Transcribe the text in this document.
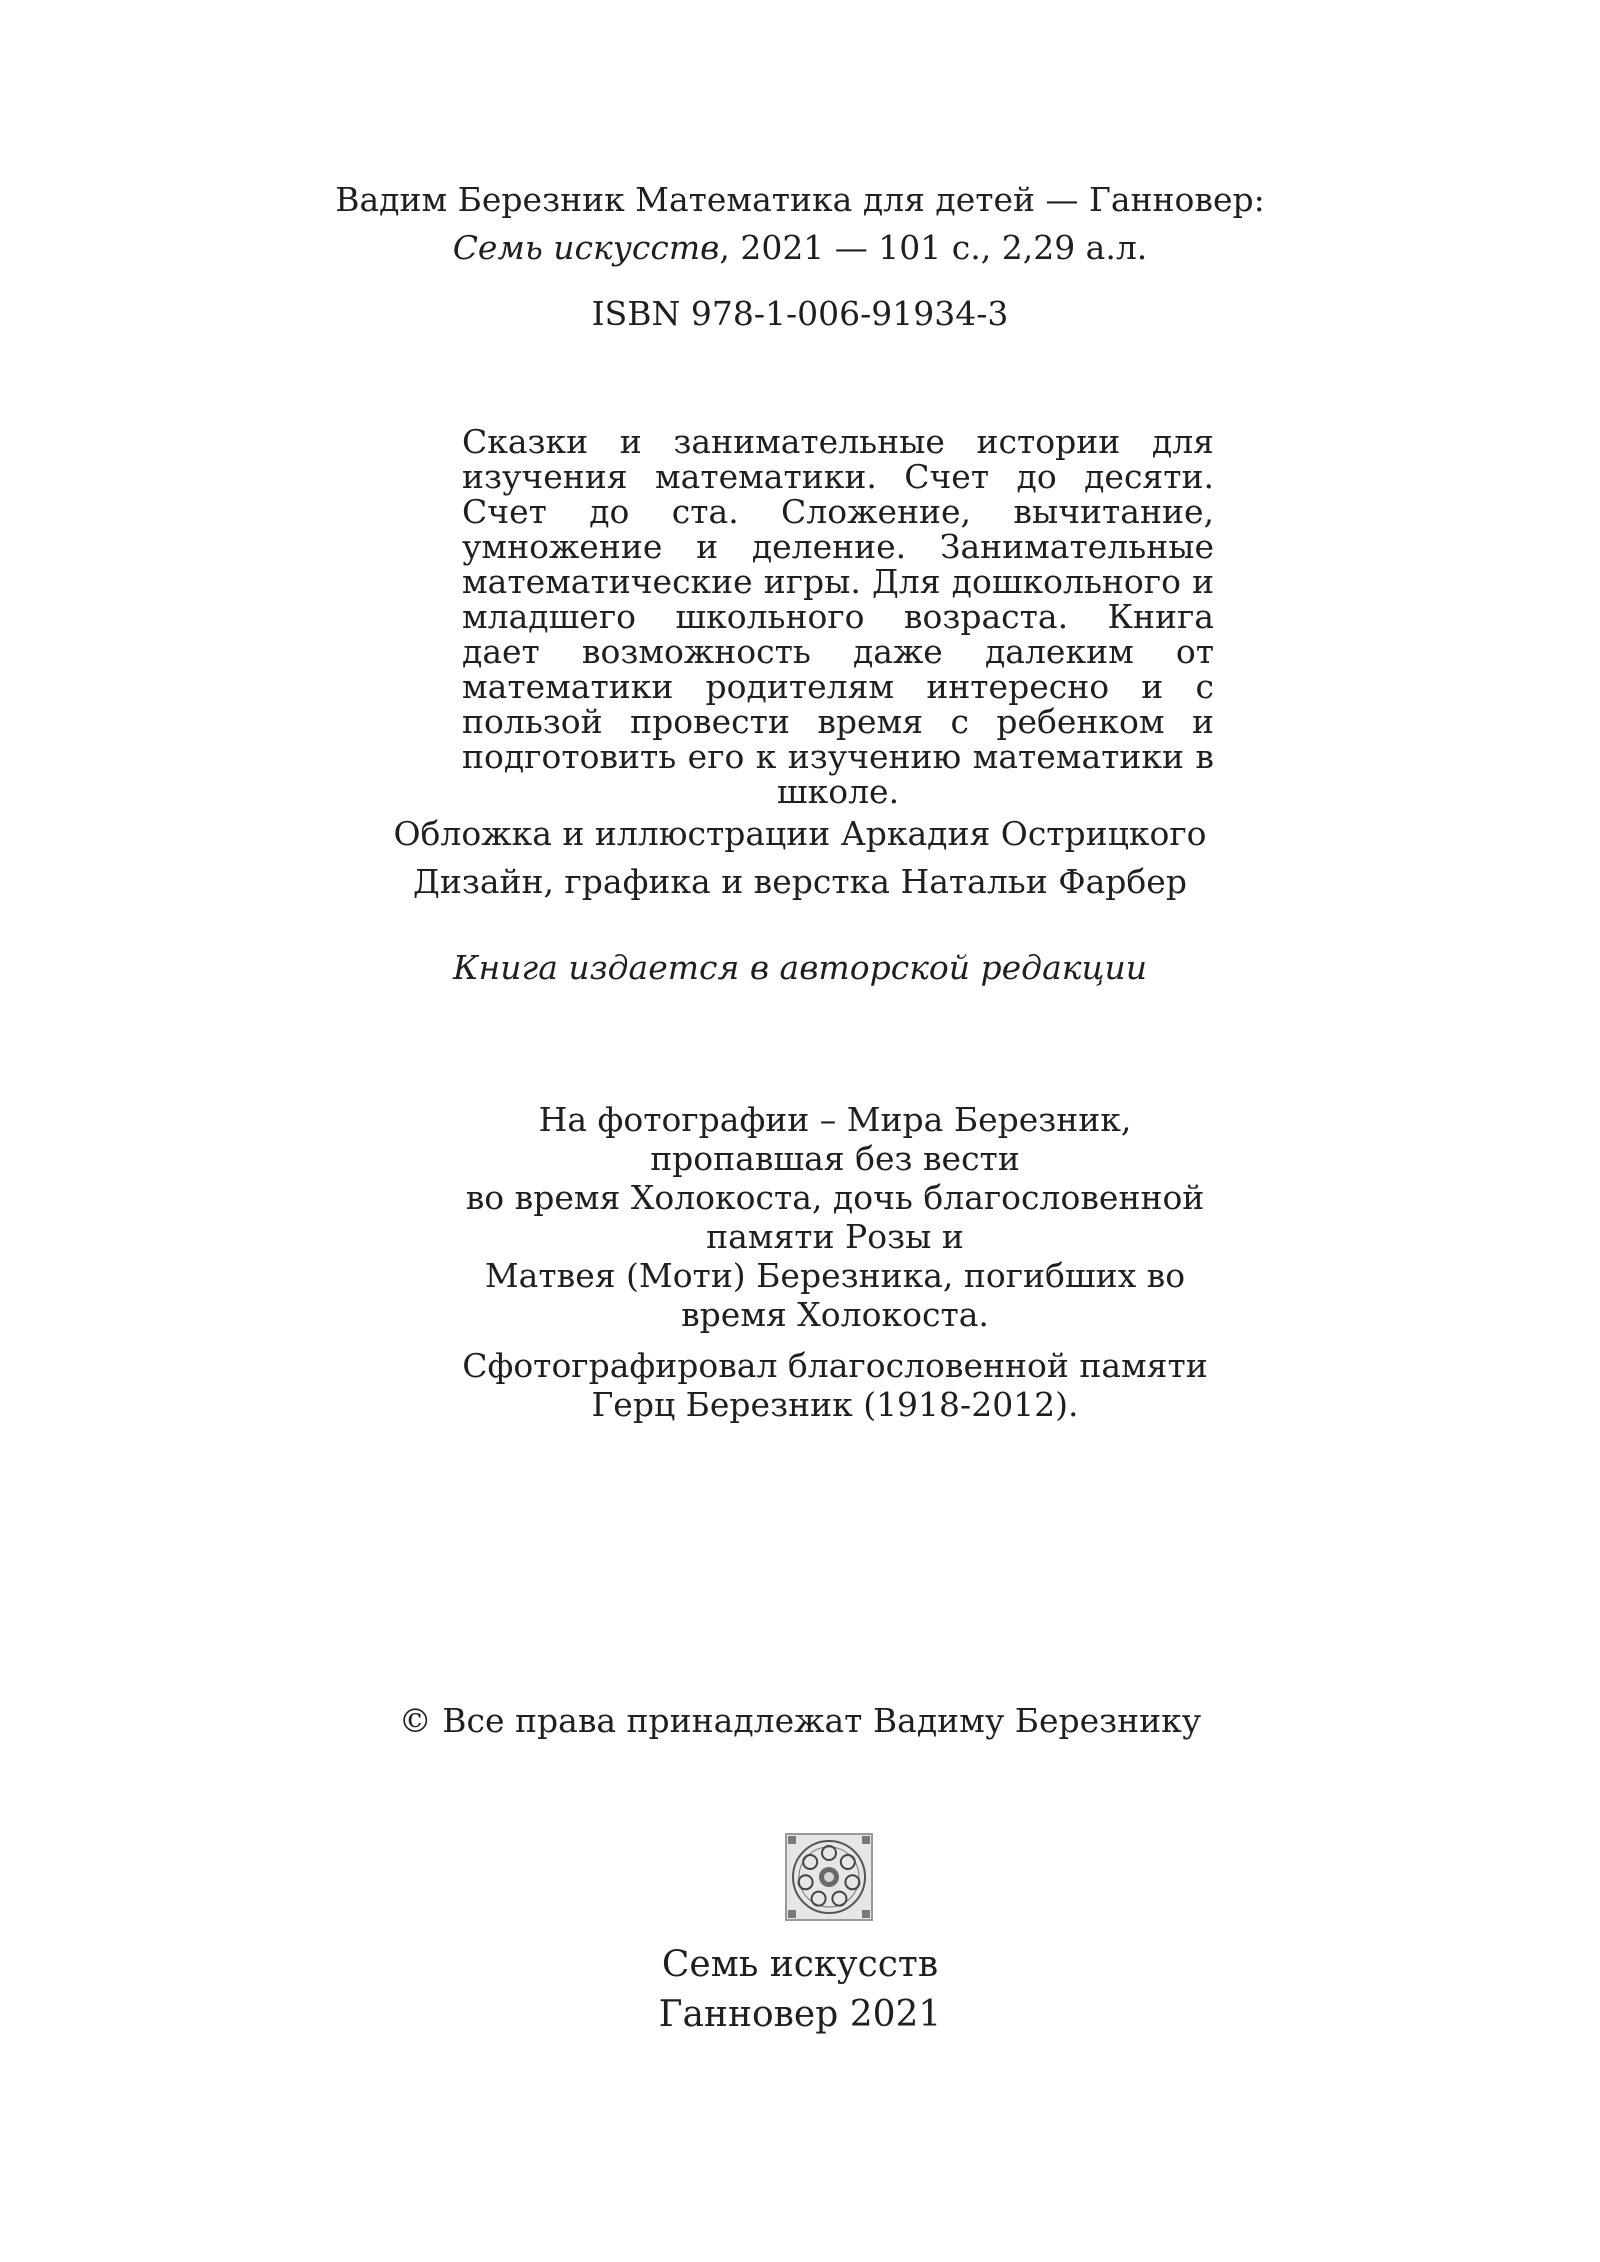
Вадим Березник Математика для детей — Ганновер:

Семь искусств, 2021 — 101 с., 2,29 а.л.

ISBN 978-1-006-91934-3

Сказки и занимательные истории для изучения математики. Счет до десяти. Счет до ста. Сложение, вычитание, умножение и деление. Занимательные математические игры. Для дошкольного и младшего школьного возраста. Книга дает возможность даже далеким от математики родителям интересно и с пользой провести время с ребенком и подготовить его к изучению математики в школе.

Обложка и иллюстрации Аркадия Острицкого

Дизайн, графика и верстка Натальи Фарбер

Книга издается в авторской редакции

На фотографии – Мира Березник, пропавшая без вести

во время Холокоста, дочь благословенной памяти Розы и

Матвея (Моти) Березника, погибших во время Холокоста.

Сфотографировал благословенной памяти

Герц Березник (1918-2012).

© Все права принадлежат Вадиму Березнику

Семь искусств

Ганновер 2021
